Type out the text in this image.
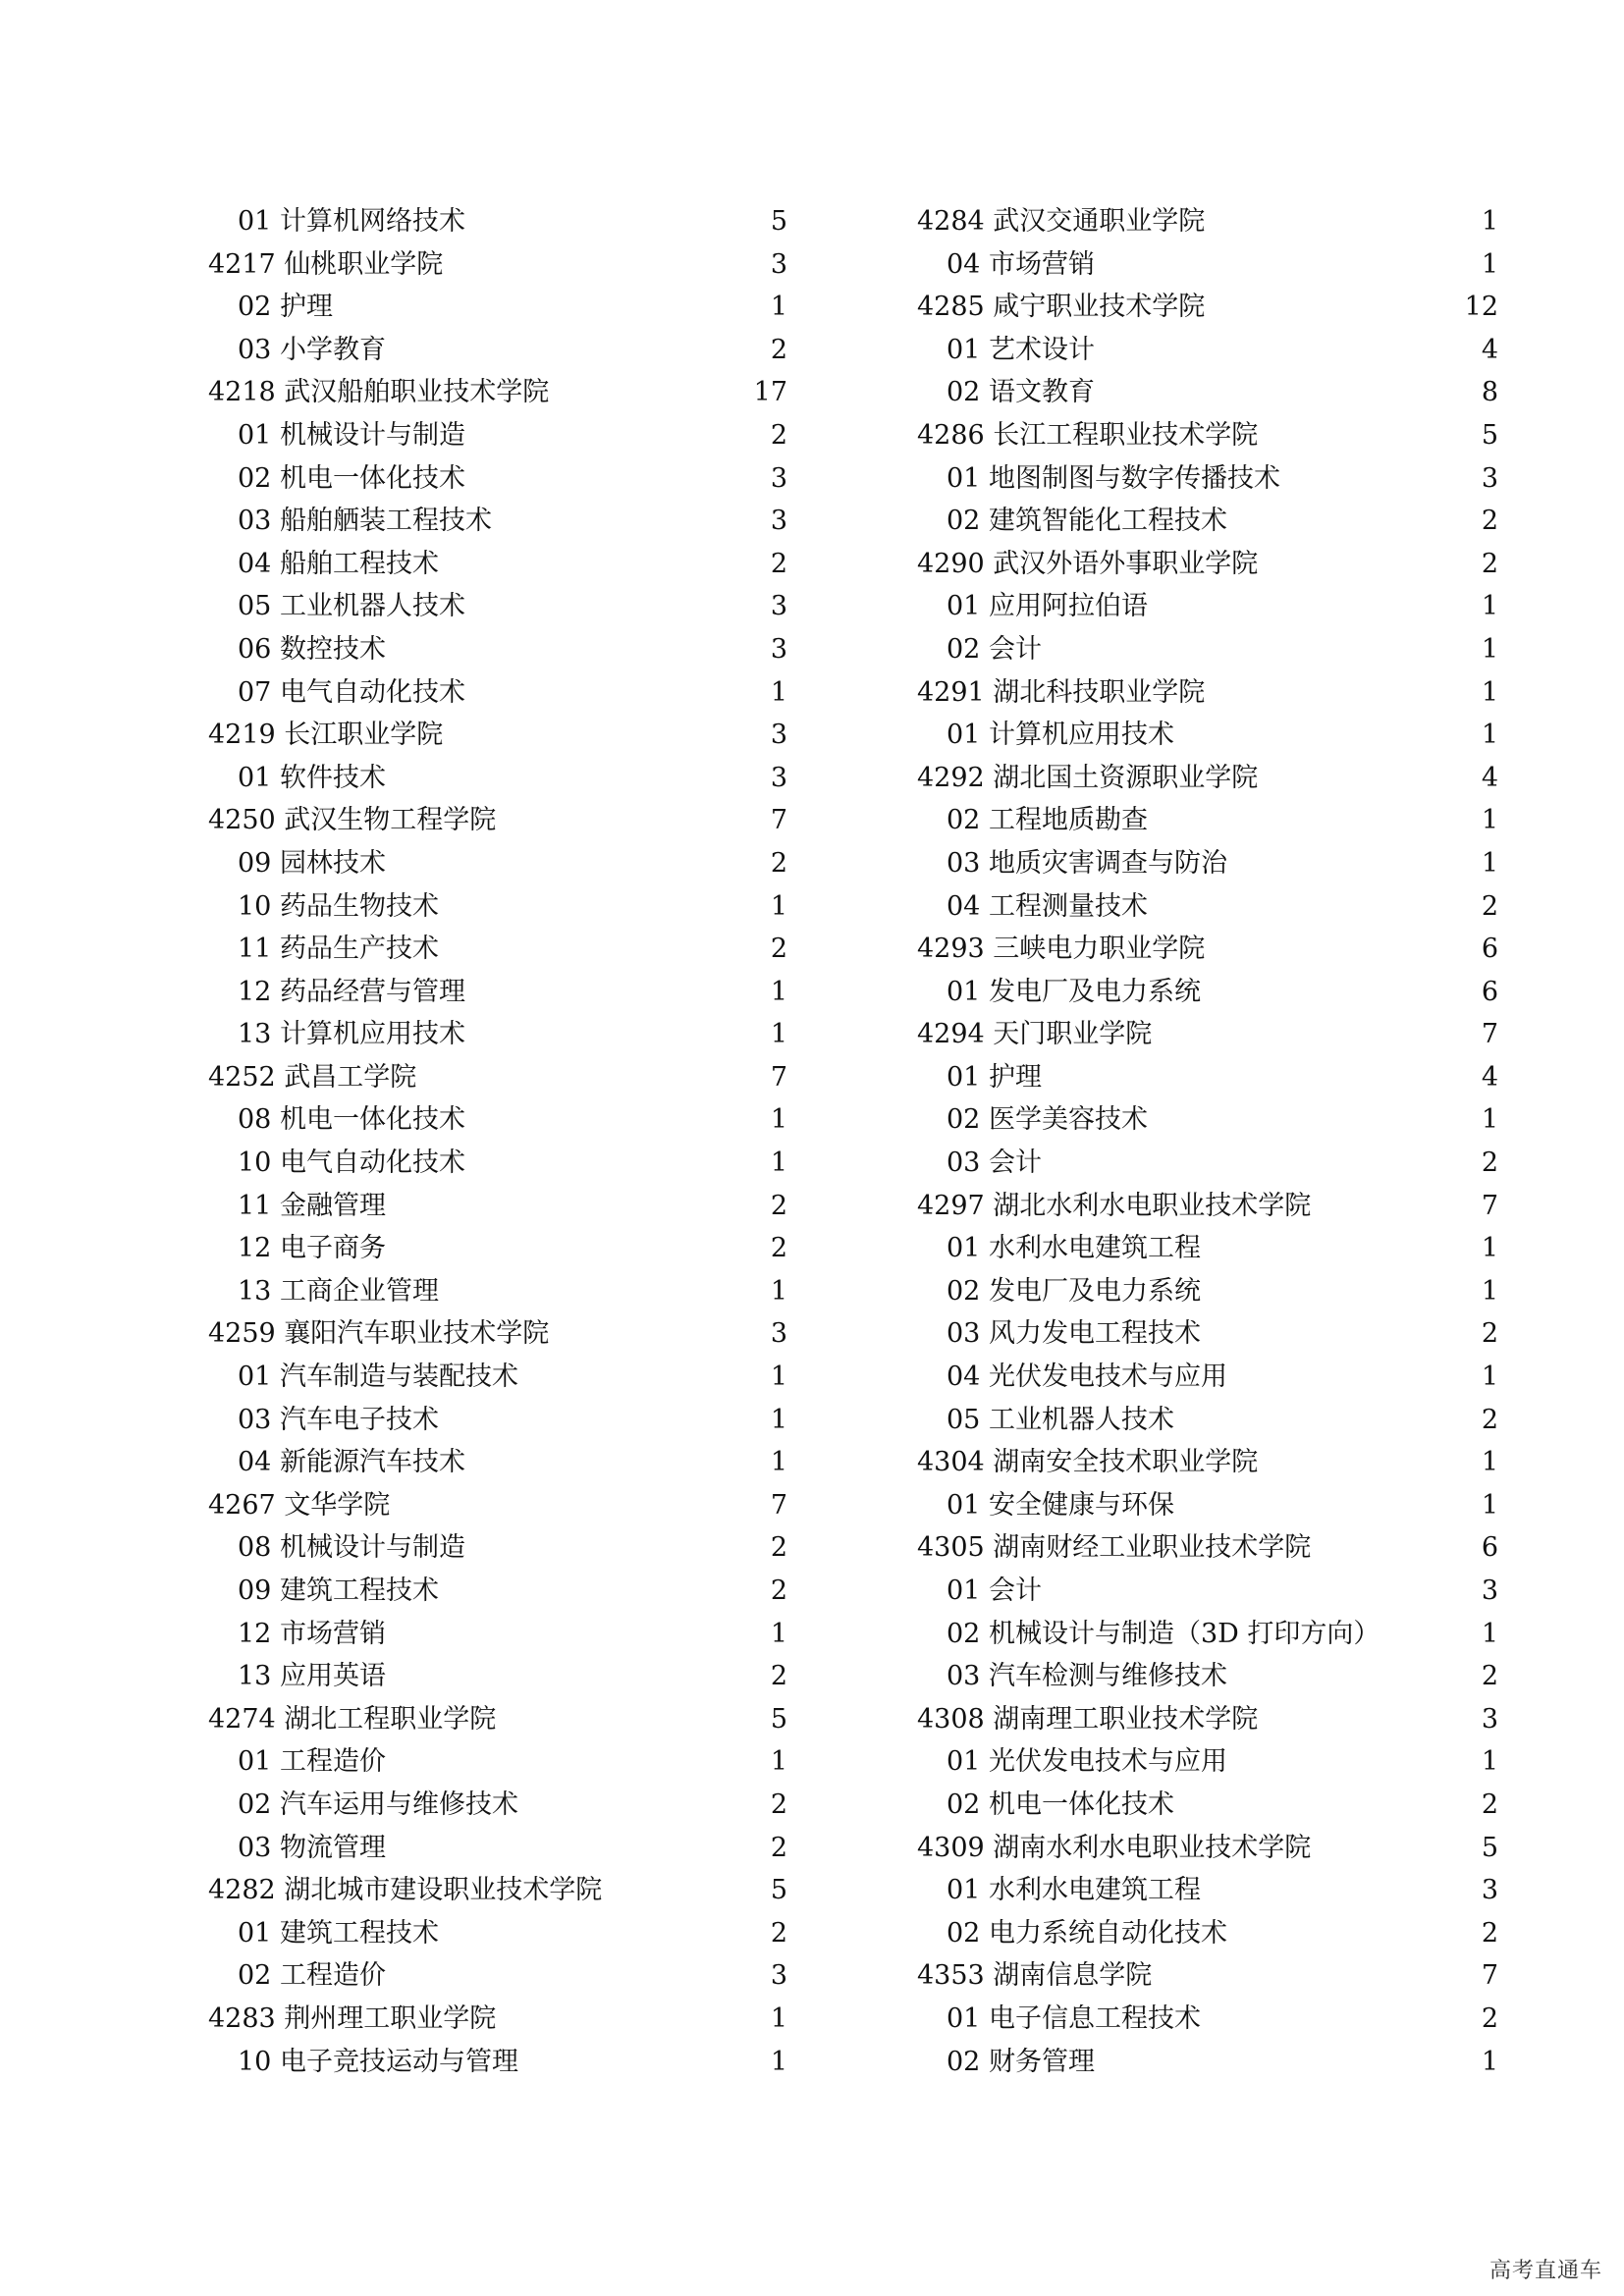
01 计算机网络技术	5
4217 仙桃职业学院	3
02 护理	1
03 小学教育	2
4218 武汉船舶职业技术学院	17
01 机械设计与制造	2
02 机电一体化技术	3
03 船舶舾装工程技术	3
04 船舶工程技术	2
05 工业机器人技术	3
06 数控技术	3
07 电气自动化技术	1
4219 长江职业学院	3
01 软件技术	3
4250 武汉生物工程学院	7
09 园林技术	2
10 药品生物技术	1
11 药品生产技术	2
12 药品经营与管理	1
13 计算机应用技术	1
4252 武昌工学院	7
08 机电一体化技术	1
10 电气自动化技术	1
11 金融管理	2
12 电子商务	2
13 工商企业管理	1
4259 襄阳汽车职业技术学院	3
01 汽车制造与装配技术	1
03 汽车电子技术	1
04 新能源汽车技术	1
4267 文华学院	7
08 机械设计与制造	2
09 建筑工程技术	2
12 市场营销	1
13 应用英语	2
4274 湖北工程职业学院	5
01 工程造价	1
02 汽车运用与维修技术	2
03 物流管理	2
4282 湖北城市建设职业技术学院	5
01 建筑工程技术	2
02 工程造价	3
4283 荆州理工职业学院	1
10 电子竞技运动与管理	1
4284 武汉交通职业学院	1
04 市场营销	1
4285 咸宁职业技术学院	12
01 艺术设计	4
02 语文教育	8
4286 长江工程职业技术学院	5
01 地图制图与数字传播技术	3
02 建筑智能化工程技术	2
4290 武汉外语外事职业学院	2
01 应用阿拉伯语	1
02 会计	1
4291 湖北科技职业学院	1
01 计算机应用技术	1
4292 湖北国土资源职业学院	4
02 工程地质勘查	1
03 地质灾害调查与防治	1
04 工程测量技术	2
4293 三峡电力职业学院	6
01 发电厂及电力系统	6
4294 天门职业学院	7
01 护理	4
02 医学美容技术	1
03 会计	2
4297 湖北水利水电职业技术学院	7
01 水利水电建筑工程	1
02 发电厂及电力系统	1
03 风力发电工程技术	2
04 光伏发电技术与应用	1
05 工业机器人技术	2
4304 湖南安全技术职业学院	1
01 安全健康与环保	1
4305 湖南财经工业职业技术学院	6
01 会计	3
02 机械设计与制造（3D 打印方向）	1
03 汽车检测与维修技术	2
4308 湖南理工职业技术学院	3
01 光伏发电技术与应用	1
02 机电一体化技术	2
4309 湖南水利水电职业技术学院	5
01 水利水电建筑工程	3
02 电力系统自动化技术	2
4353 湖南信息学院	7
01 电子信息工程技术	2
02 财务管理	1
高考直通车
